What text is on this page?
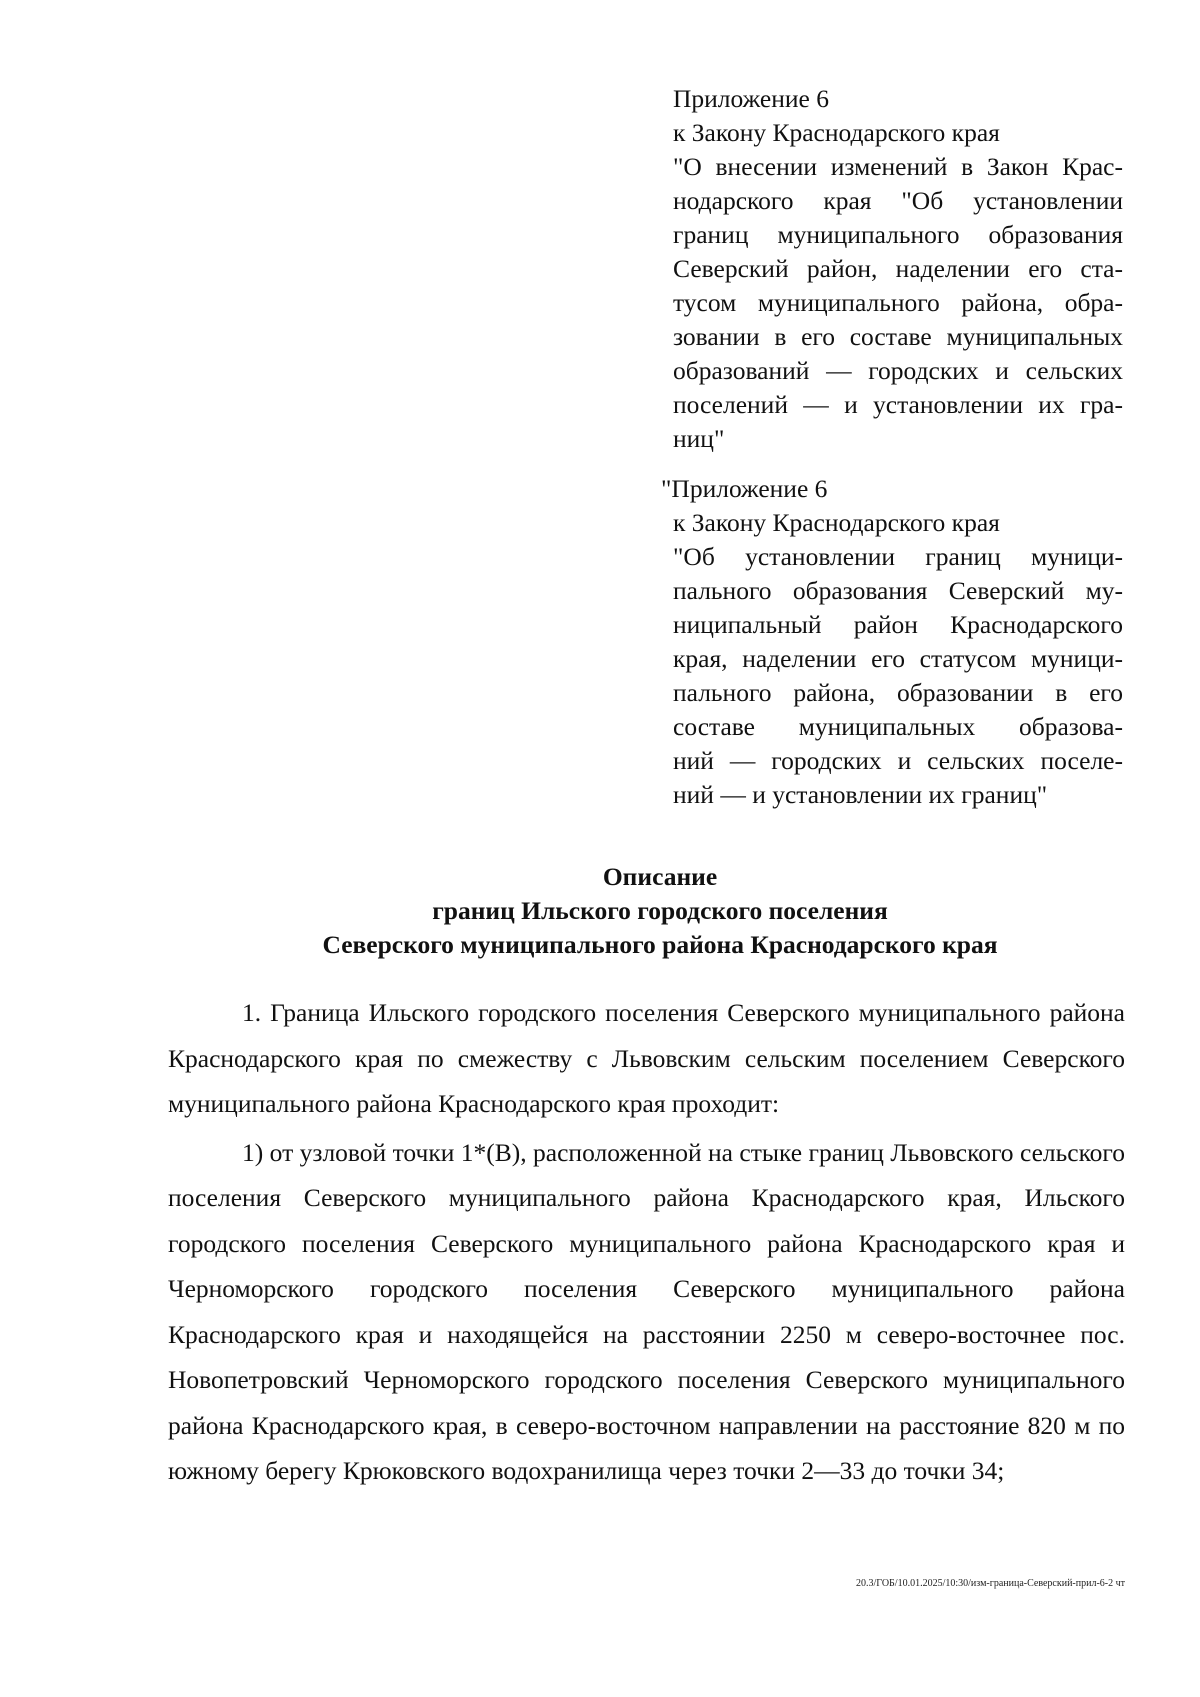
Приложение 6
к Закону Краснодарского края
"О внесении изменений в Закон Крас-
нодарского края "Об установлении
границ муниципального образования
Северский район, наделении его ста-
тусом муниципального района, обра-
зовании в его составе муниципальных
образований — городских и сельских
поселений — и установлении их гра-
ниц"
"Приложение 6
к Закону Краснодарского края
"Об установлении границ муници-
пального образования Северский му-
ниципальный район Краснодарского
края, наделении его статусом муници-
пального района, образовании в его
составе муниципальных образова-
ний — городских и сельских поселе-
ний — и установлении их границ"
Описание
границ Ильского городского поселения
Северского муниципального района Краснодарского края

1. Граница Ильского городского поселения Северского муниципального района Краснодарского края по смежеству с Львовским сельским поселением Северского муниципального района Краснодарского края проходит:

1) от узловой точки 1*(В), расположенной на стыке границ Львовского сельского поселения Северского муниципального района Краснодарского края, Ильского городского поселения Северского муниципального района Краснодарского края и Черноморского городского поселения Северского муниципального района Краснодарского края и находящейся на расстоянии 2250 м северо-восточнее пос. Новопетровский Черноморского городского поселения Северского муниципального района Краснодарского края, в северо-восточном направлении на расстояние 820 м по южному берегу Крюковского водохранилища через точки 2—33 до точки 34;

20.3/ГОБ/10.01.2025/10:30/изм-граница-Северский-прил-6-2 чт
